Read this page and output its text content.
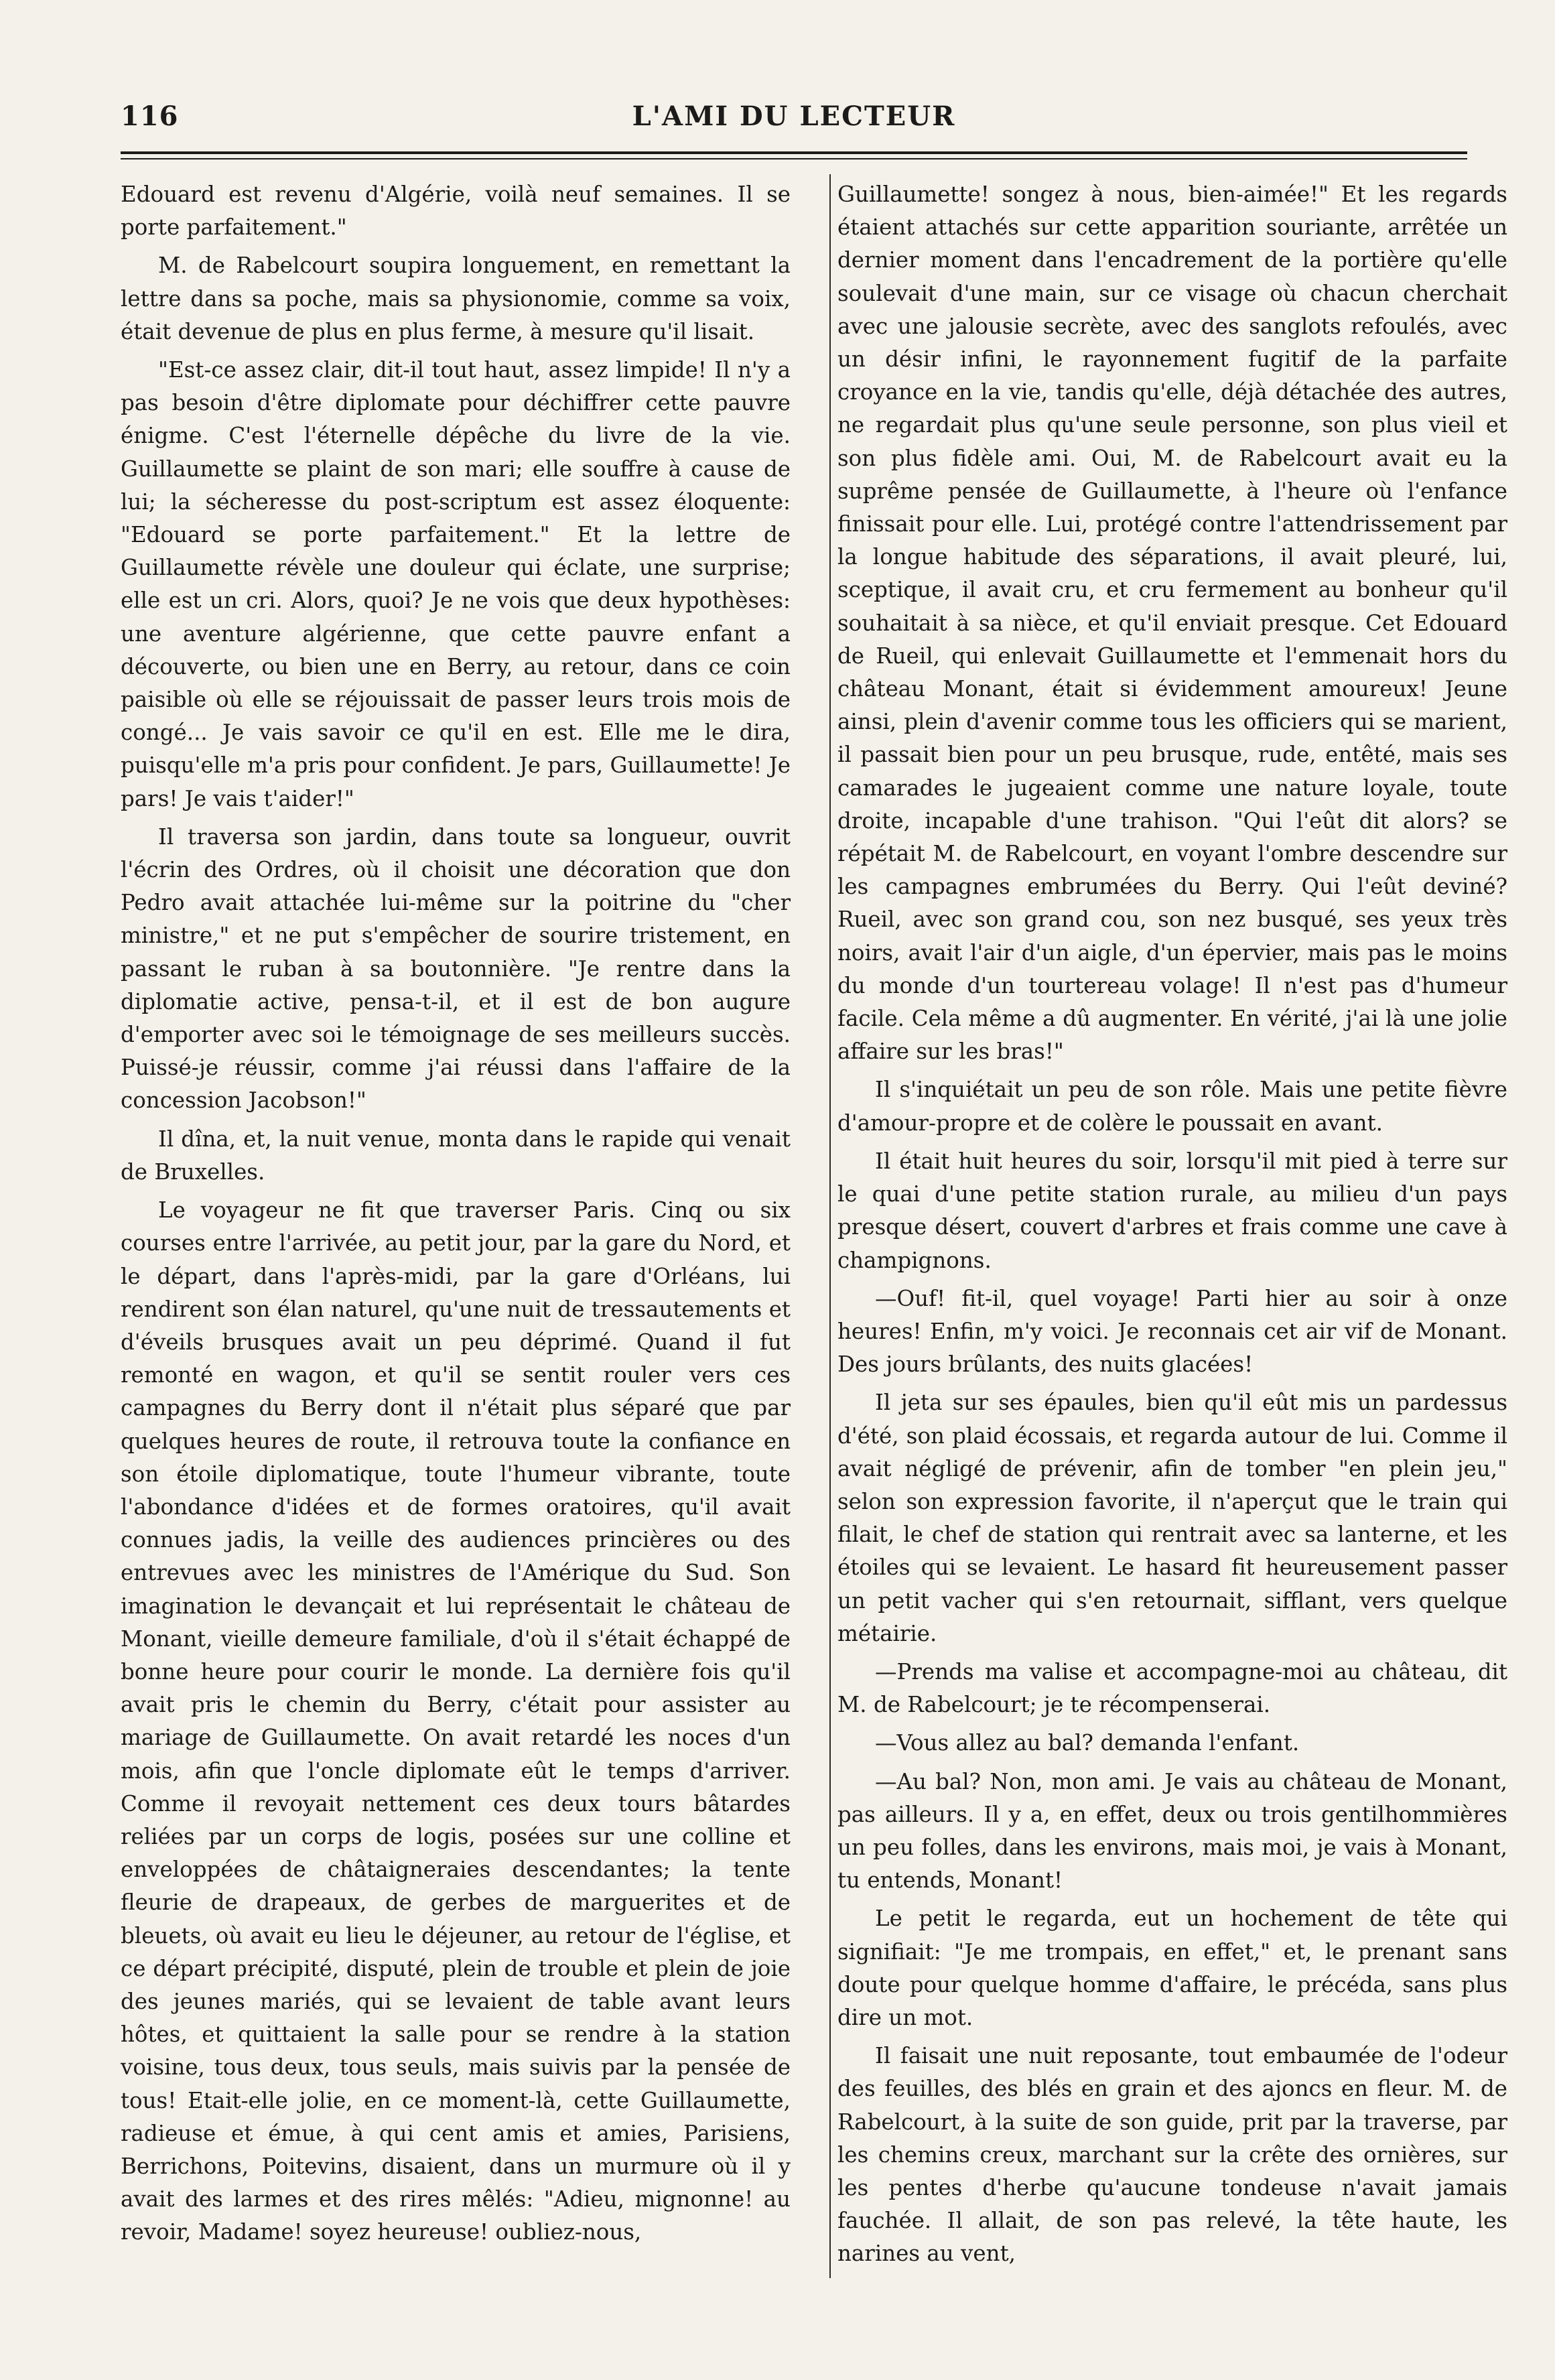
116	L'AMI DU LECTEUR

Edouard est revenu d'Algérie, voilà neuf semaines. Il se porte parfaitement."

M. de Rabelcourt soupira longuement, en remettant la lettre dans sa poche, mais sa physionomie, comme sa voix, était devenue de plus en plus ferme, à mesure qu'il lisait.

"Est-ce assez clair, dit-il tout haut, assez limpide! Il n'y a pas besoin d'être diplomate pour déchiffrer cette pauvre énigme. C'est l'éternelle dépêche du livre de la vie. Guillaumette se plaint de son mari; elle souffre à cause de lui; la sécheresse du post-scriptum est assez éloquente: "Edouard se porte parfaitement." Et la lettre de Guillaumette révèle une douleur qui éclate, une surprise; elle est un cri. Alors, quoi? Je ne vois que deux hypothèses: une aventure algérienne, que cette pauvre enfant a découverte, ou bien une en Berry, au retour, dans ce coin paisible où elle se réjouissait de passer leurs trois mois de congé... Je vais savoir ce qu'il en est. Elle me le dira, puisqu'elle m'a pris pour confident. Je pars, Guillaumette! Je pars! Je vais t'aider!"

Il traversa son jardin, dans toute sa longueur, ouvrit l'écrin des Ordres, où il choisit une décoration que don Pedro avait attachée lui-même sur la poitrine du "cher ministre," et ne put s'empêcher de sourire tristement, en passant le ruban à sa boutonnière. "Je rentre dans la diplomatie active, pensa-t-il, et il est de bon augure d'emporter avec soi le témoignage de ses meilleurs succès. Puissé-je réussir, comme j'ai réussi dans l'affaire de la concession Jacobson!"

Il dîna, et, la nuit venue, monta dans le rapide qui venait de Bruxelles.

Le voyageur ne fit que traverser Paris. Cinq ou six courses entre l'arrivée, au petit jour, par la gare du Nord, et le départ, dans l'après-midi, par la gare d'Orléans, lui rendirent son élan naturel, qu'une nuit de tressautements et d'éveils brusques avait un peu déprimé. Quand il fut remonté en wagon, et qu'il se sentit rouler vers ces campagnes du Berry dont il n'était plus séparé que par quelques heures de route, il retrouva toute la confiance en son étoile diplomatique, toute l'humeur vibrante, toute l'abondance d'idées et de formes oratoires, qu'il avait connues jadis, la veille des audiences princières ou des entrevues avec les ministres de l'Amérique du Sud. Son imagination le devançait et lui représentait le château de Monant, vieille demeure familiale, d'où il s'était échappé de bonne heure pour courir le monde. La dernière fois qu'il avait pris le chemin du Berry, c'était pour assister au mariage de Guillaumette. On avait retardé les noces d'un mois, afin que l'oncle diplomate eût le temps d'arriver. Comme il revoyait nettement ces deux tours bâtardes reliées par un corps de logis, posées sur une colline et enveloppées de châtaigneraies descendantes; la tente fleurie de drapeaux, de gerbes de marguerites et de bleuets, où avait eu lieu le déjeuner, au retour de l'église, et ce départ précipité, disputé, plein de trouble et plein de joie des jeunes mariés, qui se levaient de table avant leurs hôtes, et quittaient la salle pour se rendre à la station voisine, tous deux, tous seuls, mais suivis par la pensée de tous! Etait-elle jolie, en ce moment-là, cette Guillaumette, radieuse et émue, à qui cent amis et amies, Parisiens, Berrichons, Poitevins, disaient, dans un murmure où il y avait des larmes et des rires mêlés: "Adieu, mignonne! au revoir, Madame! soyez heureuse! oubliez-nous,

Guillaumette! songez à nous, bien-aimée!" Et les regards étaient attachés sur cette apparition souriante, arrêtée un dernier moment dans l'encadrement de la portière qu'elle soulevait d'une main, sur ce visage où chacun cherchait avec une jalousie secrète, avec des sanglots refoulés, avec un désir infini, le rayonnement fugitif de la parfaite croyance en la vie, tandis qu'elle, déjà détachée des autres, ne regardait plus qu'une seule personne, son plus vieil et son plus fidèle ami. Oui, M. de Rabelcourt avait eu la suprême pensée de Guillaumette, à l'heure où l'enfance finissait pour elle. Lui, protégé contre l'attendrissement par la longue habitude des séparations, il avait pleuré, lui, sceptique, il avait cru, et cru fermement au bonheur qu'il souhaitait à sa nièce, et qu'il enviait presque. Cet Edouard de Rueil, qui enlevait Guillaumette et l'emmenait hors du château Monant, était si évidemment amoureux! Jeune ainsi, plein d'avenir comme tous les officiers qui se marient, il passait bien pour un peu brusque, rude, entêté, mais ses camarades le jugeaient comme une nature loyale, toute droite, incapable d'une trahison. "Qui l'eût dit alors? se répétait M. de Rabelcourt, en voyant l'ombre descendre sur les campagnes embrumées du Berry. Qui l'eût deviné? Rueil, avec son grand cou, son nez busqué, ses yeux très noirs, avait l'air d'un aigle, d'un épervier, mais pas le moins du monde d'un tourtereau volage! Il n'est pas d'humeur facile. Cela même a dû augmenter. En vérité, j'ai là une jolie affaire sur les bras!"

Il s'inquiétait un peu de son rôle. Mais une petite fièvre d'amour-propre et de colère le poussait en avant.

Il était huit heures du soir, lorsqu'il mit pied à terre sur le quai d'une petite station rurale, au milieu d'un pays presque désert, couvert d'arbres et frais comme une cave à champignons.

—Ouf! fit-il, quel voyage! Parti hier au soir à onze heures! Enfin, m'y voici. Je reconnais cet air vif de Monant. Des jours brûlants, des nuits glacées!

Il jeta sur ses épaules, bien qu'il eût mis un pardessus d'été, son plaid écossais, et regarda autour de lui. Comme il avait négligé de prévenir, afin de tomber "en plein jeu," selon son expression favorite, il n'aperçut que le train qui filait, le chef de station qui rentrait avec sa lanterne, et les étoiles qui se levaient. Le hasard fit heureusement passer un petit vacher qui s'en retournait, sifflant, vers quelque métairie.

—Prends ma valise et accompagne-moi au château, dit M. de Rabelcourt; je te récompenserai.

—Vous allez au bal? demanda l'enfant.

—Au bal? Non, mon ami. Je vais au château de Monant, pas ailleurs. Il y a, en effet, deux ou trois gentilhommières un peu folles, dans les environs, mais moi, je vais à Monant, tu entends, Monant!

Le petit le regarda, eut un hochement de tête qui signifiait: "Je me trompais, en effet," et, le prenant sans doute pour quelque homme d'affaire, le précéda, sans plus dire un mot.

Il faisait une nuit reposante, tout embaumée de l'odeur des feuilles, des blés en grain et des ajoncs en fleur. M. de Rabelcourt, à la suite de son guide, prit par la traverse, par les chemins creux, marchant sur la crête des ornières, sur les pentes d'herbe qu'aucune tondeuse n'avait jamais fauchée. Il allait, de son pas relevé, la tête haute, les narines au vent,
